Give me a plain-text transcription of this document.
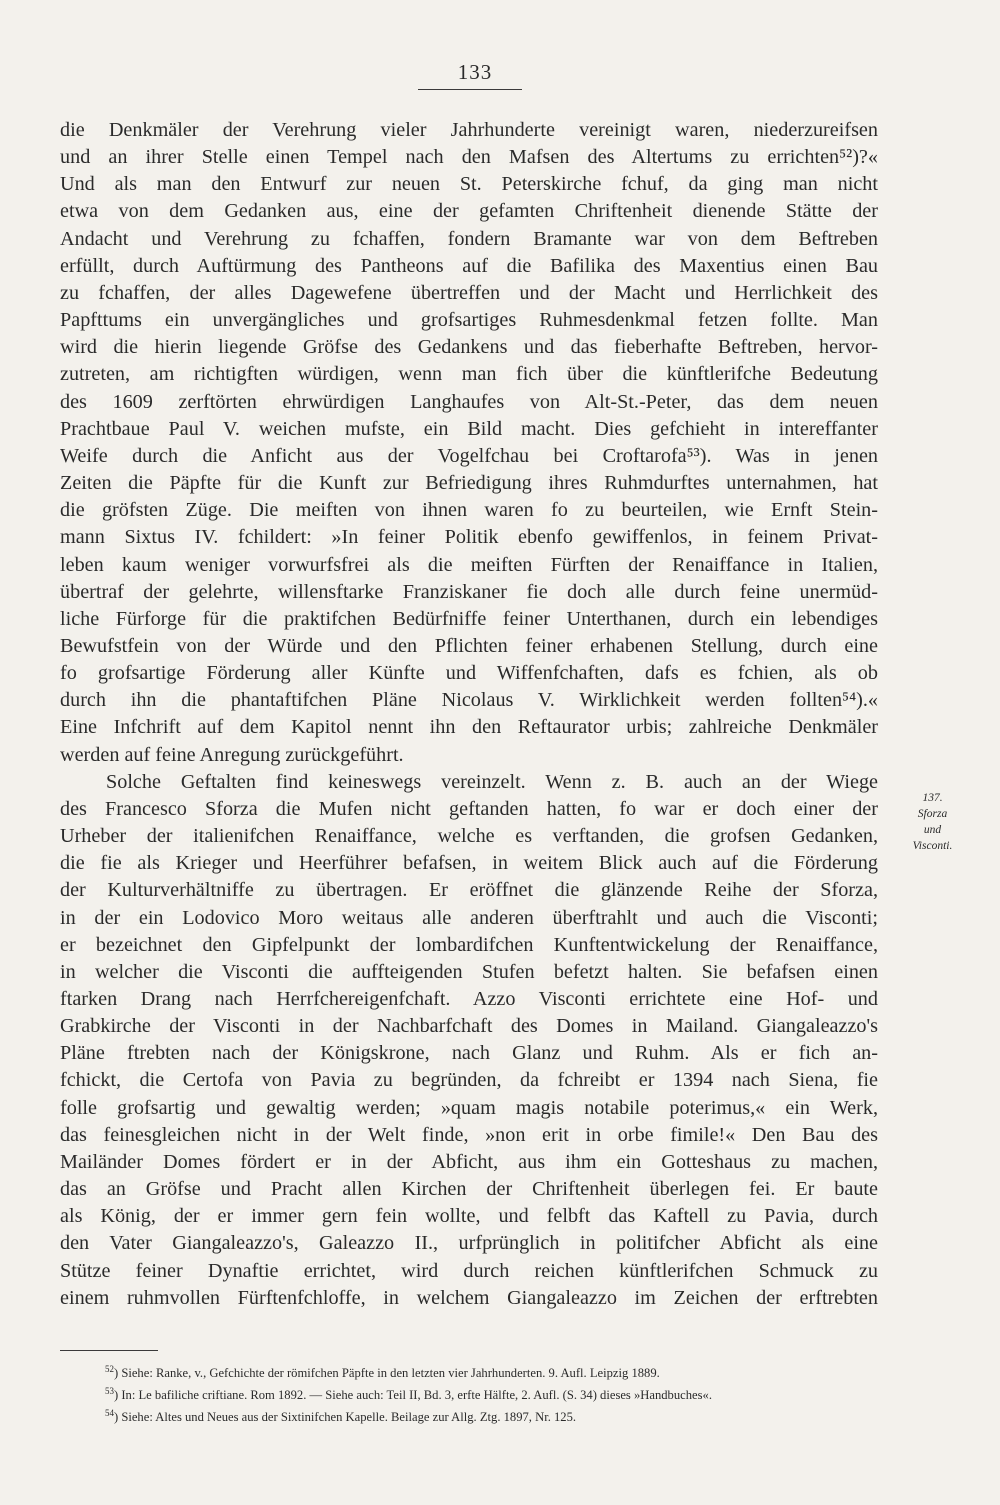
133
die Denkmäler der Verehrung vieler Jahrhunderte vereinigt waren, niederzureifsen
und an ihrer Stelle einen Tempel nach den Mafsen des Altertums zu errichten⁵²)?«
Und als man den Entwurf zur neuen St. Peterskirche fchuf, da ging man nicht
etwa von dem Gedanken aus, eine der gefamten Chriftenheit dienende Stätte der
Andacht und Verehrung zu fchaffen, fondern Bramante war von dem Beftreben
erfüllt, durch Auftürmung des Pantheons auf die Bafilika des Maxentius einen Bau
zu fchaffen, der alles Dagewefene übertreffen und der Macht und Herrlichkeit des
Papfttums ein unvergängliches und grofsartiges Ruhmesdenkmal fetzen follte. Man
wird die hierin liegende Gröfse des Gedankens und das fieberhafte Beftreben, hervor-
zutreten, am richtigften würdigen, wenn man fich über die künftlerifche Bedeutung
des 1609 zerftörten ehrwürdigen Langhaufes von Alt-St.-Peter, das dem neuen
Prachtbaue Paul V. weichen mufste, ein Bild macht. Dies gefchieht in intereffanter
Weife durch die Anficht aus der Vogelfchau bei Croftarofa⁵³). Was in jenen
Zeiten die Päpfte für die Kunft zur Befriedigung ihres Ruhmdurftes unternahmen, hat
die gröfsten Züge. Die meiften von ihnen waren fo zu beurteilen, wie Ernft Stein-
mann Sixtus IV. fchildert: »In feiner Politik ebenfo gewiffenlos, in feinem Privat-
leben kaum weniger vorwurfsfrei als die meiften Fürften der Renaiffance in Italien,
übertraf der gelehrte, willensftarke Franziskaner fie doch alle durch feine unermüd-
liche Fürforge für die praktifchen Bedürfniffe feiner Unterthanen, durch ein lebendiges
Bewufstfein von der Würde und den Pflichten feiner erhabenen Stellung, durch eine
fo grofsartige Förderung aller Künfte und Wiffenfchaften, dafs es fchien, als ob
durch ihn die phantaftifchen Pläne Nicolaus V. Wirklichkeit werden follten⁵⁴).«
Eine Infchrift auf dem Kapitol nennt ihn den Reftaurator urbis; zahlreiche Denkmäler
werden auf feine Anregung zurückgeführt.
Solche Geftalten find keineswegs vereinzelt. Wenn z. B. auch an der Wiege
des Francesco Sforza die Mufen nicht geftanden hatten, fo war er doch einer der
Urheber der italienifchen Renaiffance, welche es verftanden, die grofsen Gedanken,
die fie als Krieger und Heerführer befafsen, in weitem Blick auch auf die Förderung
der Kulturverhältniffe zu übertragen. Er eröffnet die glänzende Reihe der Sforza,
in der ein Lodovico Moro weitaus alle anderen überftrahlt und auch die Visconti;
er bezeichnet den Gipfelpunkt der lombardifchen Kunftentwickelung der Renaiffance,
in welcher die Visconti die auffteigenden Stufen befetzt halten. Sie befafsen einen
ftarken Drang nach Herrfchereigenfchaft. Azzo Visconti errichtete eine Hof- und
Grabkirche der Visconti in der Nachbarfchaft des Domes in Mailand. Giangaleazzo's
Pläne ftrebten nach der Königskrone, nach Glanz und Ruhm. Als er fich an-
fchickt, die Certofa von Pavia zu begründen, da fchreibt er 1394 nach Siena, fie
folle grofsartig und gewaltig werden; »quam magis notabile poterimus,« ein Werk,
das feinesgleichen nicht in der Welt finde, »non erit in orbe fimile!« Den Bau des
Mailänder Domes fördert er in der Abficht, aus ihm ein Gotteshaus zu machen,
das an Gröfse und Pracht allen Kirchen der Chriftenheit überlegen fei. Er baute
als König, der er immer gern fein wollte, und felbft das Kaftell zu Pavia, durch
den Vater Giangaleazzo's, Galeazzo II., urfprünglich in politifcher Abficht als eine
Stütze feiner Dynaftie errichtet, wird durch reichen künftlerifchen Schmuck zu
einem ruhmvollen Fürftenfchloffe, in welchem Giangaleazzo im Zeichen der erftrebten
137.
Sforza
und
Visconti.
$^{52}$) Siehe: Ranke, v., Gefchichte der römifchen Päpfte in den letzten vier Jahrhunderten. 9. Aufl. Leipzig 1889.
$^{53}$) In: Le bafiliche criftiane. Rom 1892. — Siehe auch: Teil II, Bd. 3, erfte Hälfte, 2. Aufl. (S. 34) dieses »Handbuches«.
$^{54}$) Siehe: Altes und Neues aus der Sixtinifchen Kapelle. Beilage zur Allg. Ztg. 1897, Nr. 125.
